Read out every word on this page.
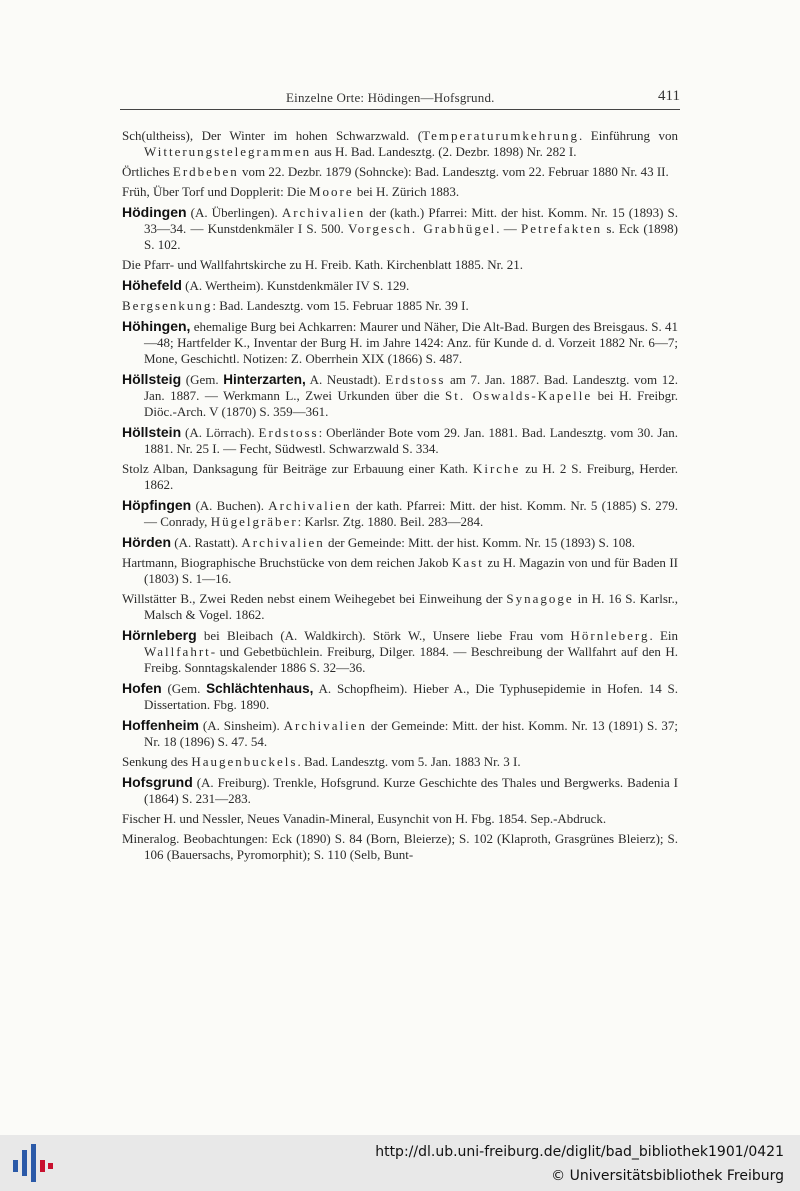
Einzelne Orte: Hödingen—Hofsgrund.	411

Sch(ultheiss), Der Winter im hohen Schwarzwald. (Temperaturumkehrung. Einführung von Witterungstelegrammen aus H. Bad. Landesztg. (2. Dezbr. 1898) Nr. 282 I.

Örtliches Erdbeben vom 22. Dezbr. 1879 (Sohncke): Bad. Landesztg. vom 22. Februar 1880 Nr. 43 II.

Früh, Über Torf und Dopplerit: Die Moore bei H. Zürich 1883.

Hödingen (A. Überlingen). Archivalien der (kath.) Pfarrei: Mitt. der hist. Komm. Nr. 15 (1893) S. 33—34. — Kunstdenkmäler I S. 500. Vorgesch. Grabhügel. — Petrefakten s. Eck (1898) S. 102.

Die Pfarr- und Wallfahrtskirche zu H. Freib. Kath. Kirchenblatt 1885. Nr. 21.

Höhefeld (A. Wertheim). Kunstdenkmäler IV S. 129.

Bergsenkung: Bad. Landesztg. vom 15. Februar 1885 Nr. 39 I.

Höhingen, ehemalige Burg bei Achkarren: Maurer und Näher, Die Alt-Bad. Burgen des Breisgaus. S. 41—48; Hartfelder K., Inventar der Burg H. im Jahre 1424: Anz. für Kunde d. d. Vorzeit 1882 Nr. 6—7; Mone, Geschichtl. Notizen: Z. Oberrhein XIX (1866) S. 487.

Höllsteig (Gem. Hinterzarten, A. Neustadt). Erdstoss am 7. Jan. 1887. Bad. Landesztg. vom 12. Jan. 1887. — Werkmann L., Zwei Urkunden über die St. Oswalds-Kapelle bei H. Freibgr. Diöc.-Arch. V (1870) S. 359—361.

Höllstein (A. Lörrach). Erdstoss: Oberländer Bote vom 29. Jan. 1881. Bad. Landesztg. vom 30. Jan. 1881. Nr. 25 I. — Fecht, Südwestl. Schwarzwald S. 334.

Stolz Alban, Danksagung für Beiträge zur Erbauung einer Kath. Kirche zu H. 2 S. Freiburg, Herder. 1862.

Höpfingen (A. Buchen). Archivalien der kath. Pfarrei: Mitt. der hist. Komm. Nr. 5 (1885) S. 279. — Conrady, Hügelgräber: Karlsr. Ztg. 1880. Beil. 283—284.

Hörden (A. Rastatt). Archivalien der Gemeinde: Mitt. der hist. Komm. Nr. 15 (1893) S. 108.

Hartmann, Biographische Bruchstücke von dem reichen Jakob Kast zu H. Magazin von und für Baden II (1803) S. 1—16.

Willstätter B., Zwei Reden nebst einem Weihegebet bei Einweihung der Synagoge in H. 16 S. Karlsr., Malsch & Vogel. 1862.

Hörnleberg bei Bleibach (A. Waldkirch). Störk W., Unsere liebe Frau vom Hörnleberg. Ein Wallfahrt- und Gebetbüchlein. Freiburg, Dilger. 1884. — Beschreibung der Wallfahrt auf den H. Freibg. Sonntagskalender 1886 S. 32—36.

Hofen (Gem. Schlächtenhaus, A. Schopfheim). Hieber A., Die Typhusepidemie in Hofen. 14 S. Dissertation. Fbg. 1890.

Hoffenheim (A. Sinsheim). Archivalien der Gemeinde: Mitt. der hist. Komm. Nr. 13 (1891) S. 37; Nr. 18 (1896) S. 47. 54.

Senkung des Haugenbuckels. Bad. Landesztg. vom 5. Jan. 1883 Nr. 3 I.

Hofsgrund (A. Freiburg). Trenkle, Hofsgrund. Kurze Geschichte des Thales und Bergwerks. Badenia I (1864) S. 231—283.

Fischer H. und Nessler, Neues Vanadin-Mineral, Eusynchit von H. Fbg. 1854. Sep.-Abdruck.

Mineralog. Beobachtungen: Eck (1890) S. 84 (Born, Bleierze); S. 102 (Klaproth, Grasgrünes Bleierz); S. 106 (Bauersachs, Pyromorphit); S. 110 (Selb, Bunt-

http://dl.ub.uni-freiburg.de/diglit/bad_bibliothek1901/0421
© Universitätsbibliothek Freiburg
